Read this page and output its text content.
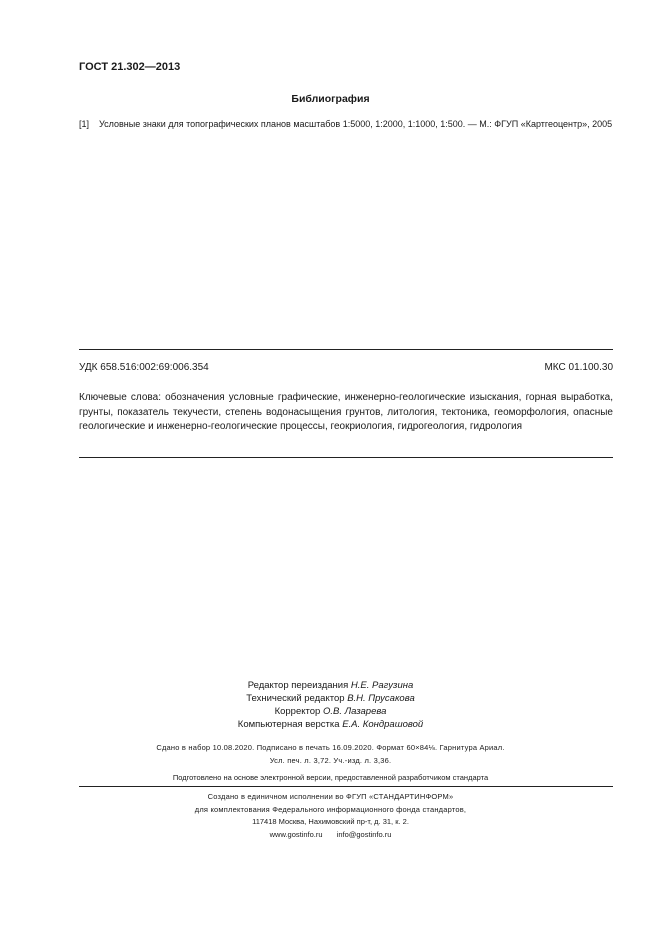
ГОСТ 21.302—2013
Библиография
[1] Условные знаки для топографических планов масштабов 1:5000, 1:2000, 1:1000, 1:500. — М.: ФГУП «Картгеоцентр», 2005
УДК 658.516:002:69:006.354	МКС 01.100.30
Ключевые слова: обозначения условные графические, инженерно-геологические изыскания, горная выработка, грунты, показатель текучести, степень водонасыщения грунтов, литология, тектоника, геоморфология, опасные геологические и инженерно-геологические процессы, геокриология, гидрогеология, гидрология
Редактор переиздания Н.Е. Рагузина
Технический редактор В.Н. Прусакова
Корректор О.В. Лазарева
Компьютерная верстка Е.А. Кондрашовой
Сдано в набор 10.08.2020. Подписано в печать 16.09.2020. Формат 60×84⅛. Гарнитура Ариал.
Усл. печ. л. 3,72. Уч.-изд. л. 3,36.
Подготовлено на основе электронной версии, предоставленной разработчиком стандарта
Создано в единичном исполнении во ФГУП «СТАНДАРТИНФОРМ»
для комплектования Федерального информационного фонда стандартов,
117418 Москва, Нахимовский пр-т, д. 31, к. 2.
www.gostinfo.ru info@gostinfo.ru
